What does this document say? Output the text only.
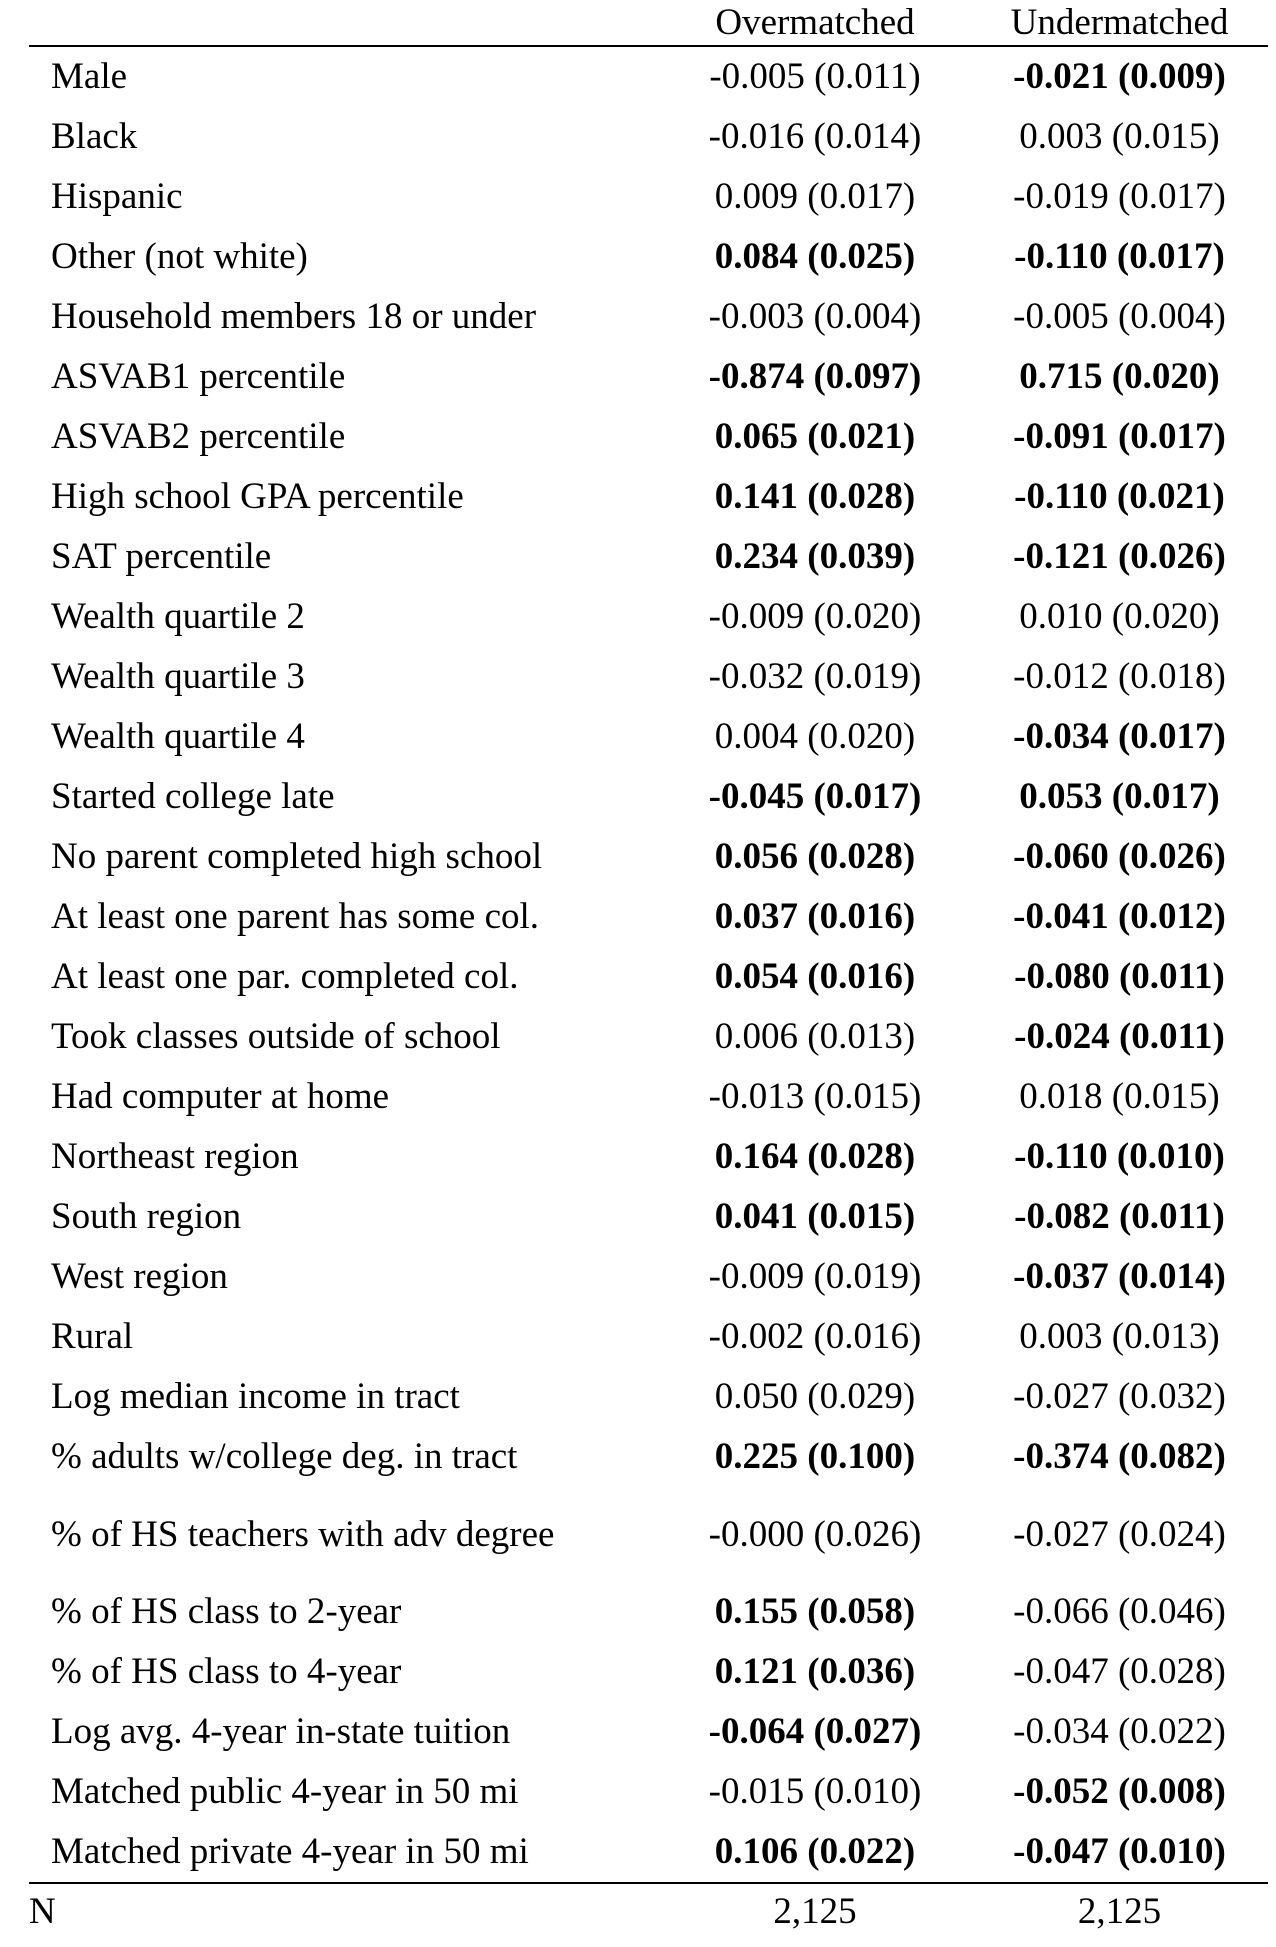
	Overmatched	Undermatched
Male	-0.005 (0.011)	-0.021 (0.009)
Black	-0.016 (0.014)	0.003 (0.015)
Hispanic	0.009 (0.017)	-0.019 (0.017)
Other (not white)	0.084 (0.025)	-0.110 (0.017)
Household members 18 or under	-0.003 (0.004)	-0.005 (0.004)
ASVAB1 percentile	-0.874 (0.097)	0.715 (0.020)
ASVAB2 percentile	0.065 (0.021)	-0.091 (0.017)
High school GPA percentile	0.141 (0.028)	-0.110 (0.021)
SAT percentile	0.234 (0.039)	-0.121 (0.026)
Wealth quartile 2	-0.009 (0.020)	0.010 (0.020)
Wealth quartile 3	-0.032 (0.019)	-0.012 (0.018)
Wealth quartile 4	0.004 (0.020)	-0.034 (0.017)
Started college late	-0.045 (0.017)	0.053 (0.017)
No parent completed high school	0.056 (0.028)	-0.060 (0.026)
At least one parent has some col.	0.037 (0.016)	-0.041 (0.012)
At least one par. completed col.	0.054 (0.016)	-0.080 (0.011)
Took classes outside of school	0.006 (0.013)	-0.024 (0.011)
Had computer at home	-0.013 (0.015)	0.018 (0.015)
Northeast region	0.164 (0.028)	-0.110 (0.010)
South region	0.041 (0.015)	-0.082 (0.011)
West region	-0.009 (0.019)	-0.037 (0.014)
Rural	-0.002 (0.016)	0.003 (0.013)
Log median income in tract	0.050 (0.029)	-0.027 (0.032)
% adults w/college deg. in tract	0.225 (0.100)	-0.374 (0.082)
% of HS teachers with adv degree	-0.000 (0.026)	-0.027 (0.024)
% of HS class to 2-year	0.155 (0.058)	-0.066 (0.046)
% of HS class to 4-year	0.121 (0.036)	-0.047 (0.028)
Log avg. 4-year in-state tuition	-0.064 (0.027)	-0.034 (0.022)
Matched public 4-year in 50 mi	-0.015 (0.010)	-0.052 (0.008)
Matched private 4-year in 50 mi	0.106 (0.022)	-0.047 (0.010)
N	2,125	2,125
